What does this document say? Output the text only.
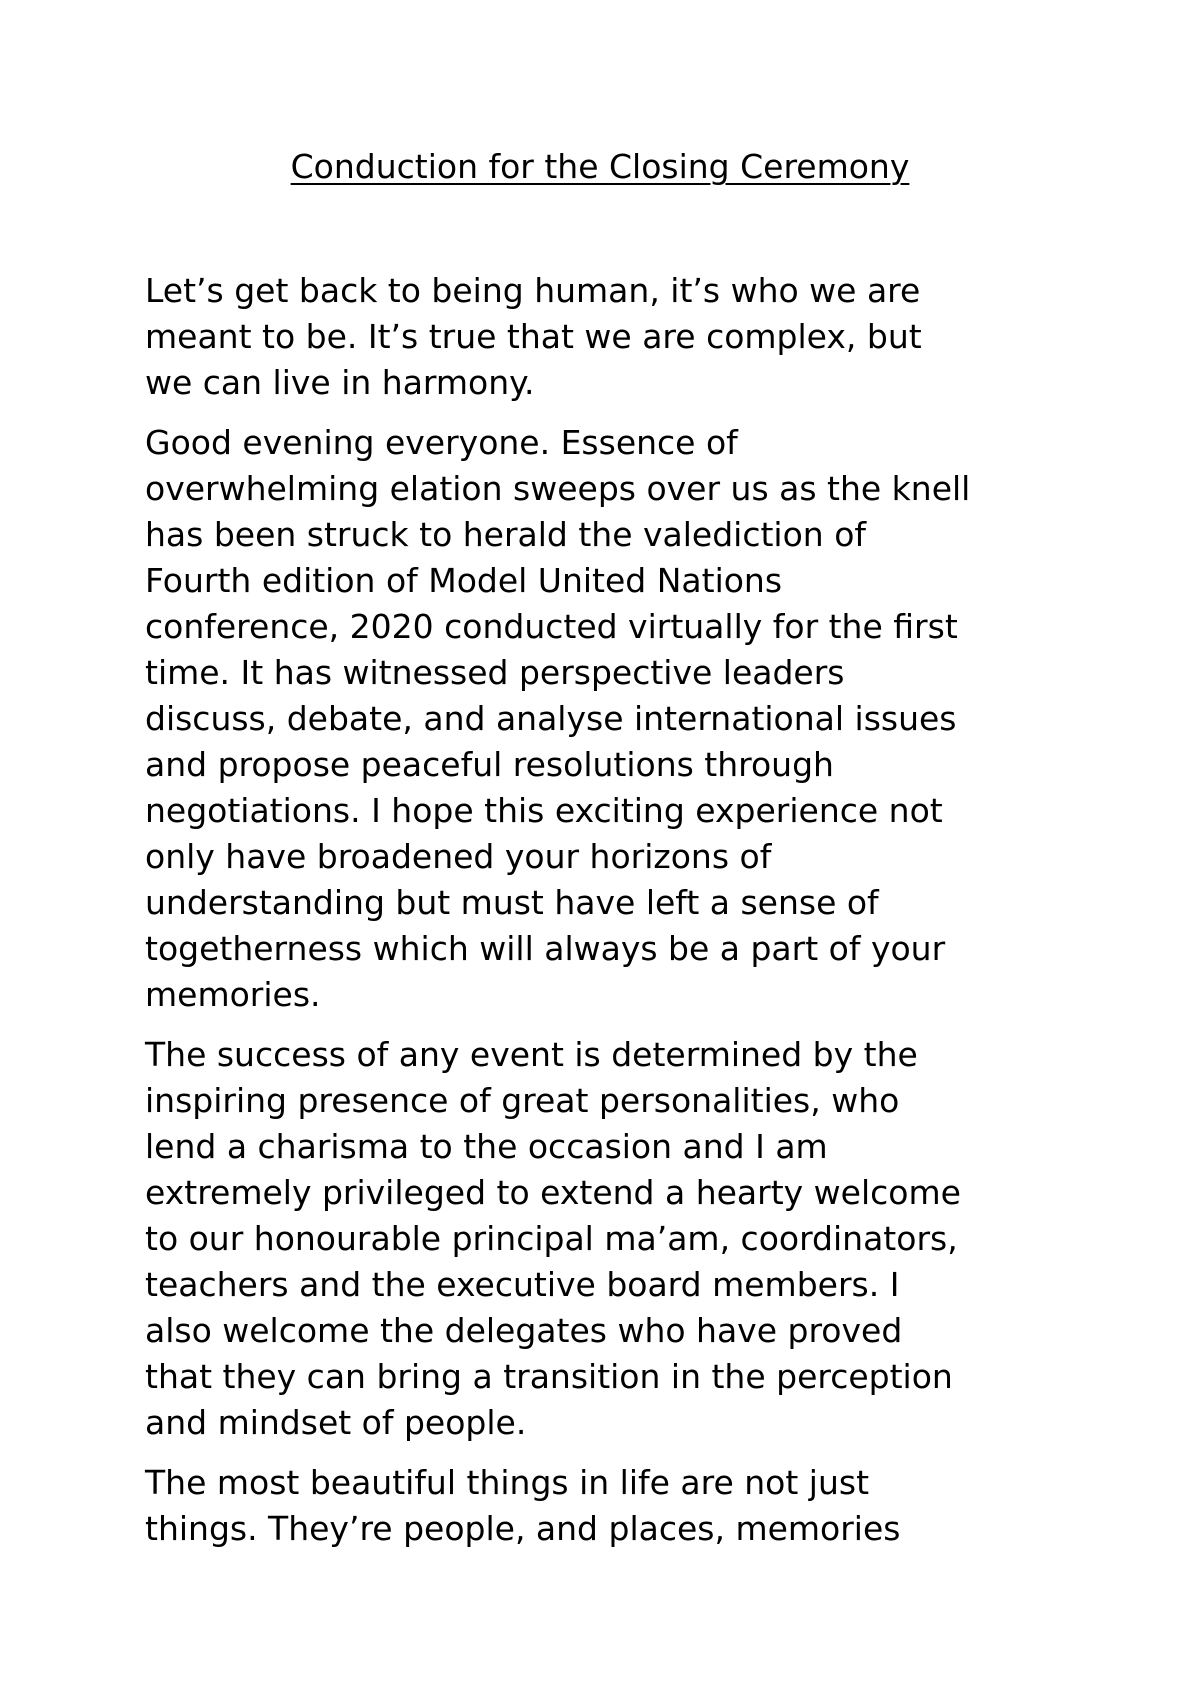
Conduction for the Closing Ceremony

Let’s get back to being human, it’s who we are
meant to be. It’s true that we are complex, but
we can live in harmony.

Good evening everyone. Essence of
overwhelming elation sweeps over us as the knell
has been struck to herald the valediction of
Fourth edition of Model United Nations
conference, 2020 conducted virtually for the first
time. It has witnessed perspective leaders
discuss, debate, and analyse international issues
and propose peaceful resolutions through
negotiations. I hope this exciting experience not
only have broadened your horizons of
understanding but must have left a sense of
togetherness which will always be a part of your
memories.

The success of any event is determined by the
inspiring presence of great personalities, who
lend a charisma to the occasion and I am
extremely privileged to extend a hearty welcome
to our honourable principal ma’am, coordinators,
teachers and the executive board members. I
also welcome the delegates who have proved
that they can bring a transition in the perception
and mindset of people.

The most beautiful things in life are not just
things. They’re people, and places, memories
